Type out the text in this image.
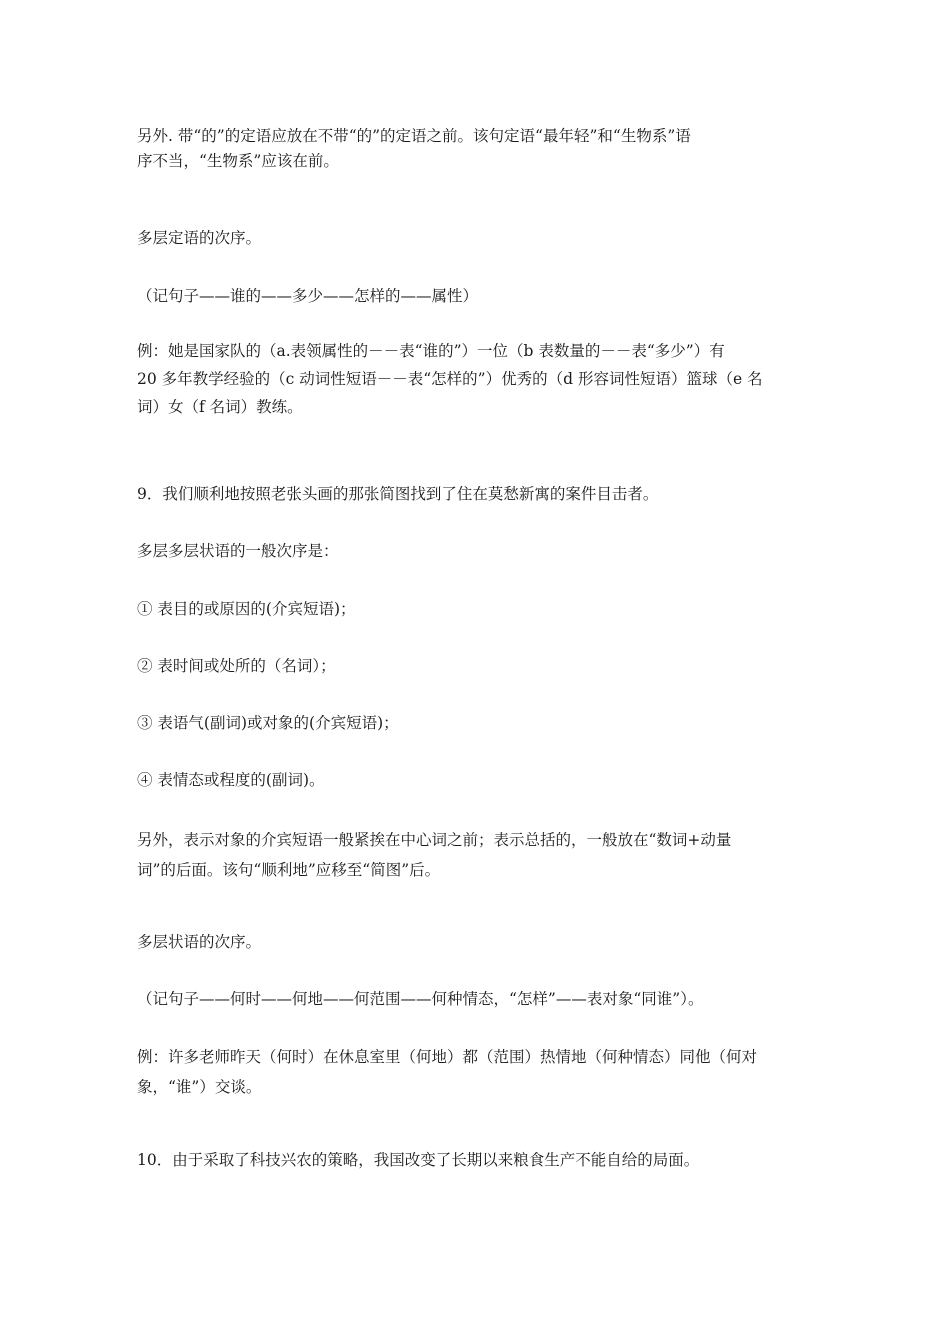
另外. 带“的”的定语应放在不带“的”的定语之前。该句定语“最年轻”和“生物系”语
序不当，“生物系”应该在前。

多层定语的次序。

（记句子——谁的——多少——怎样的——属性）

例：她是国家队的（a.表领属性的－－表“谁的”）一位（b 表数量的－－表“多少”）有
20 多年教学经验的（c 动词性短语－－表“怎样的”）优秀的（d 形容词性短语）篮球（e 名
词）女（f 名词）教练。

9．我们顺利地按照老张头画的那张简图找到了住在莫愁新寓的案件目击者。

多层多层状语的一般次序是：

① 表目的或原因的(介宾短语)；

② 表时间或处所的（名词）；

③ 表语气(副词)或对象的(介宾短语)；

④ 表情态或程度的(副词)。

另外，表示对象的介宾短语一般紧挨在中心词之前；表示总括的，一般放在“数词+动量
词”的后面。该句“顺利地”应移至“简图”后。

多层状语的次序。

（记句子——何时——何地——何范围——何种情态，“怎样”——表对象“同谁”）。

例：许多老师昨天（何时）在休息室里（何地）都（范围）热情地（何种情态）同他（何对
象，“谁”）交谈。

10．由于采取了科技兴农的策略，我国改变了长期以来粮食生产不能自给的局面。
